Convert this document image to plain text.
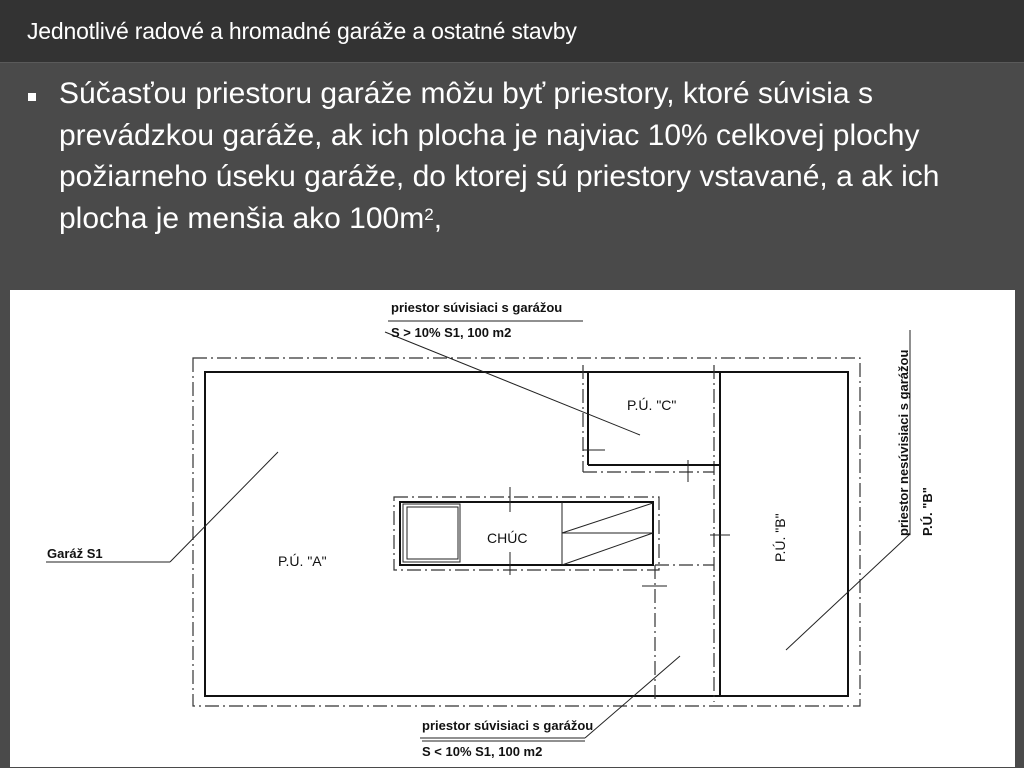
Jednotlivé radové a hromadné garáže a ostatné stavby
Súčasťou priestoru garáže môžu byť priestory, ktoré súvisia s prevádzkou garáže, ak ich plocha je najviac 10% celkovej plochy požiarneho úseku garáže, do ktorej sú priestory vstavané, a ak ich plocha je menšia ako $100m^2$,
CHÚC
P.Ú. "A"
P.Ú. "C"
P.Ú. "B"
priestor súvisiaci s garážou
S > 10% S1, 100 m2
priestor súvisiaci s garážou
S < 10% S1, 100 m2
Garáž S1
priestor nesúvisiaci s garážou P.Ú. "B"
